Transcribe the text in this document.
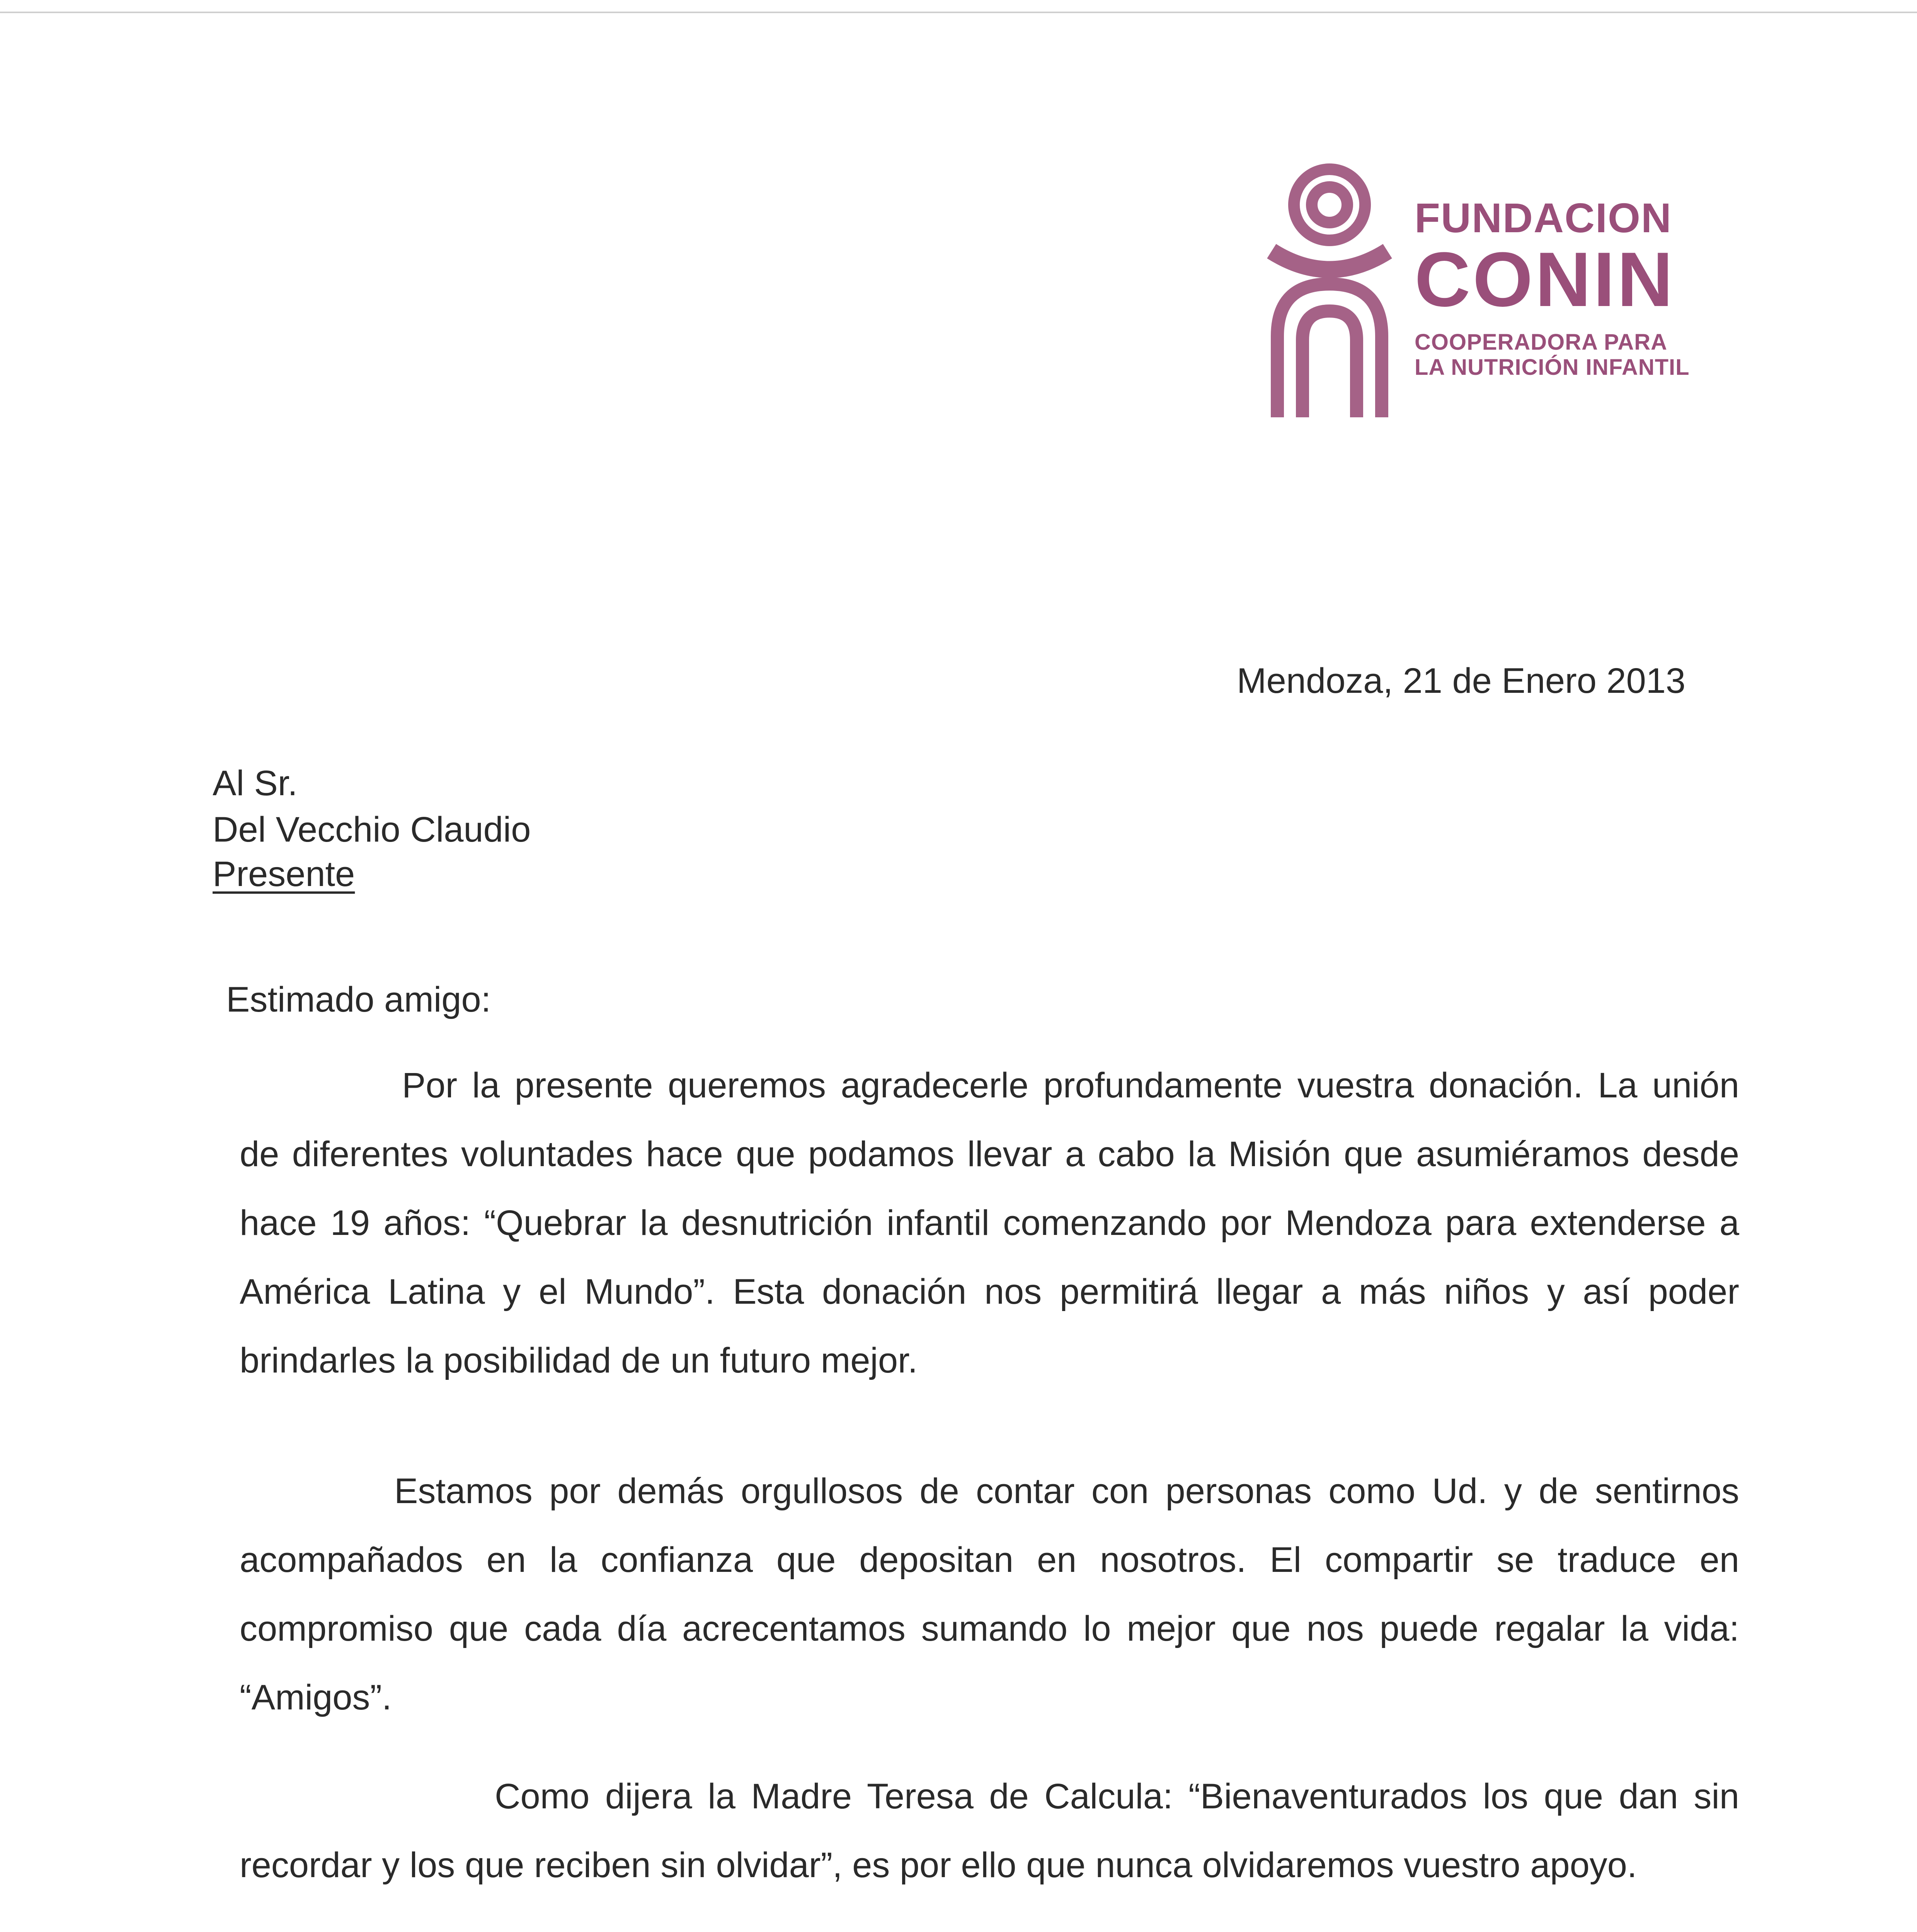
FUNDACION
CONIN
COOPERADORA PARA
LA NUTRICIÓN INFANTIL
Mendoza, 21 de Enero 2013
Al Sr.
Del Vecchio Claudio
Presente
Estimado amigo:
Por la presente queremos agradecerle profundamente vuestra donación. La unión de diferentes voluntades hace que podamos llevar a cabo la Misión que asumiéramos desde hace 19 años: “Quebrar la desnutrición infantil comenzando por Mendoza para extenderse a América Latina y el Mundo”. Esta donación nos permitirá llegar a más niños y así poder brindarles la posibilidad de un futuro mejor.
Estamos por demás orgullosos de contar con personas como Ud. y de sentirnos acompañados en la confianza que depositan en nosotros. El compartir se traduce en compromiso que cada día acrecentamos sumando lo mejor que nos puede regalar la vida: “Amigos”.
Como dijera la Madre Teresa de Calcula: “Bienaventurados los que dan sin recordar y los que reciben sin olvidar”, es por ello que nunca olvidaremos vuestro apoyo.
